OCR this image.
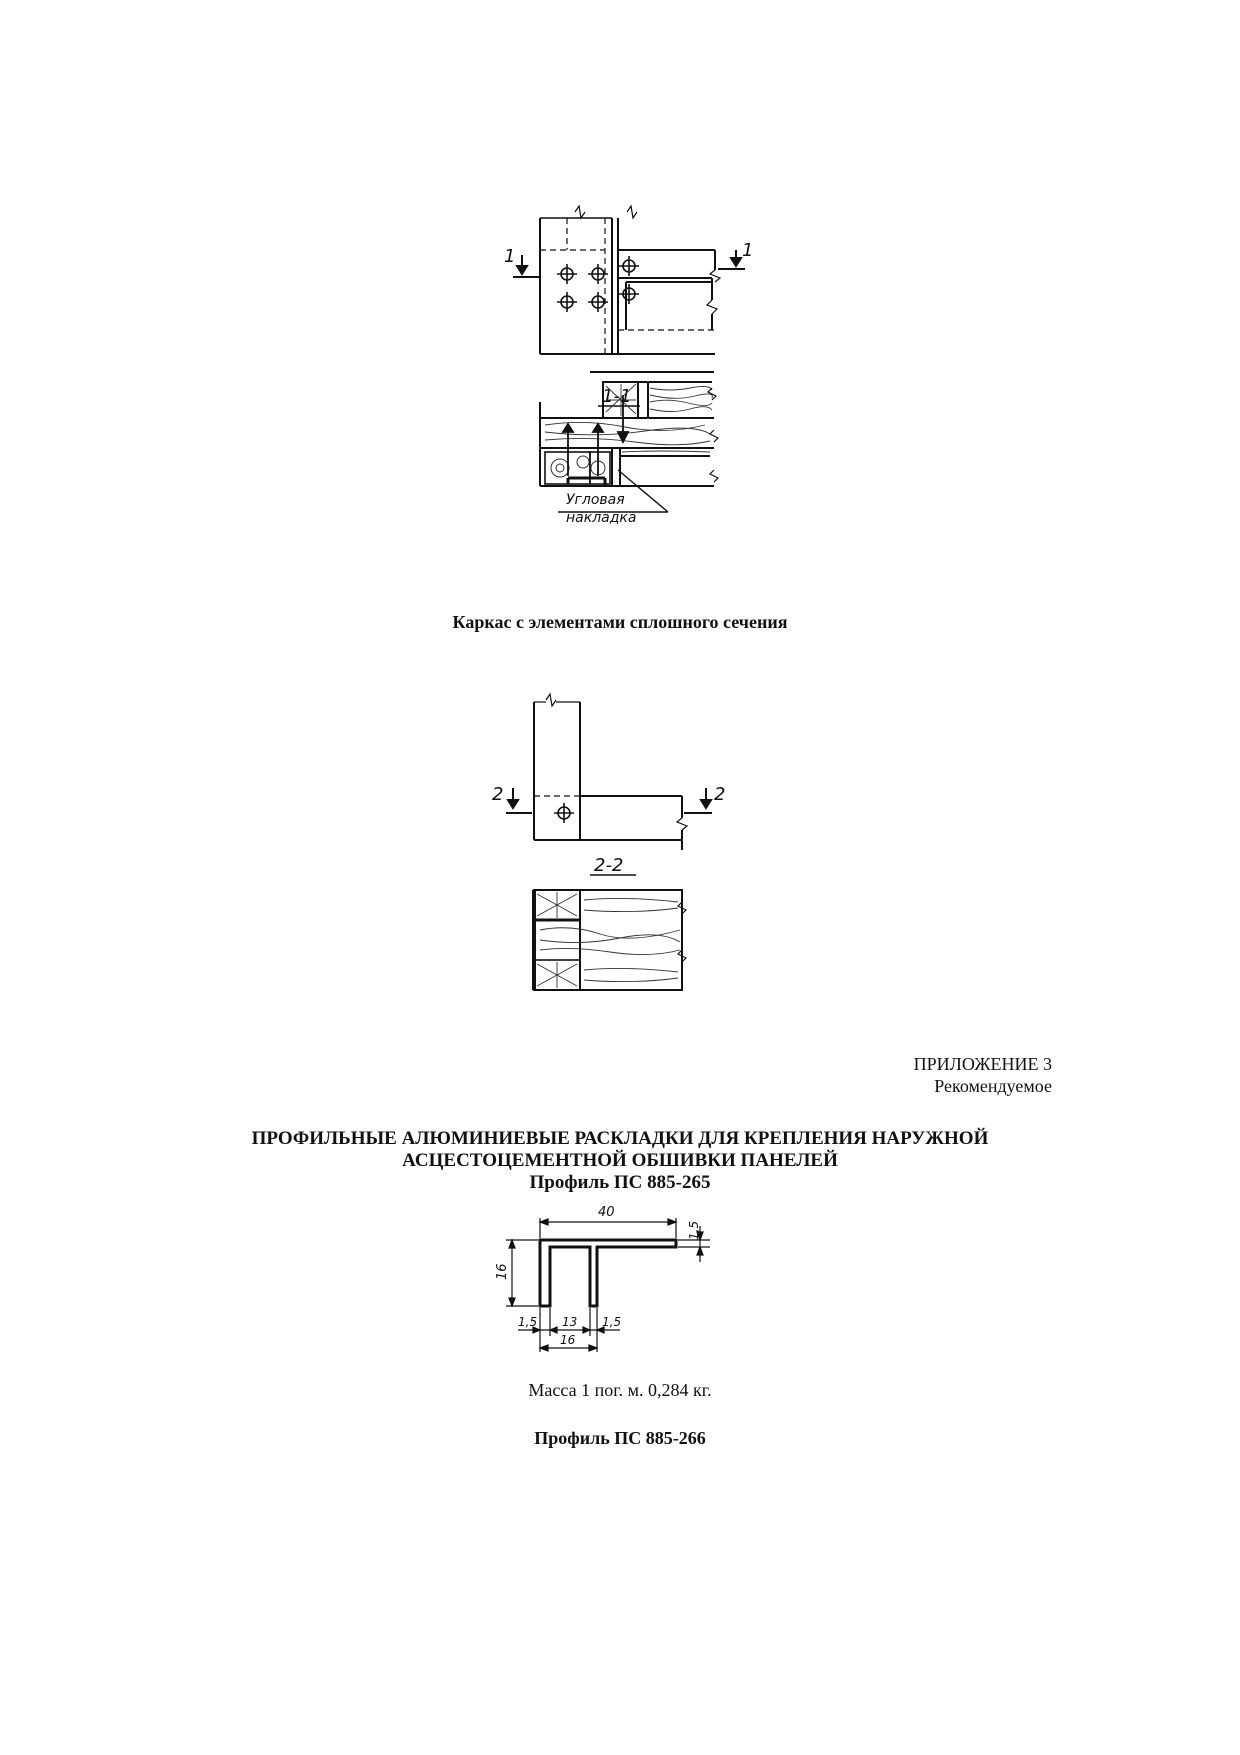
1	1
1-1
Угловая
накладка
Каркас с элементами сплошного сечения
2	2
2-2
ПРИЛОЖЕНИЕ 3
Рекомендуемое
ПРОФИЛЬНЫЕ АЛЮМИНИЕВЫЕ РАСКЛАДКИ ДЛЯ КРЕПЛЕНИЯ НАРУЖНОЙ
АСЦЕСТОЦЕМЕНТНОЙ ОБШИВКИ ПАНЕЛЕЙ
Профиль ПС 885-265
40
16
1,5
1,5 13 1,5
16
Масса 1 пог. м. 0,284 кг.
Профиль ПС 885-266
